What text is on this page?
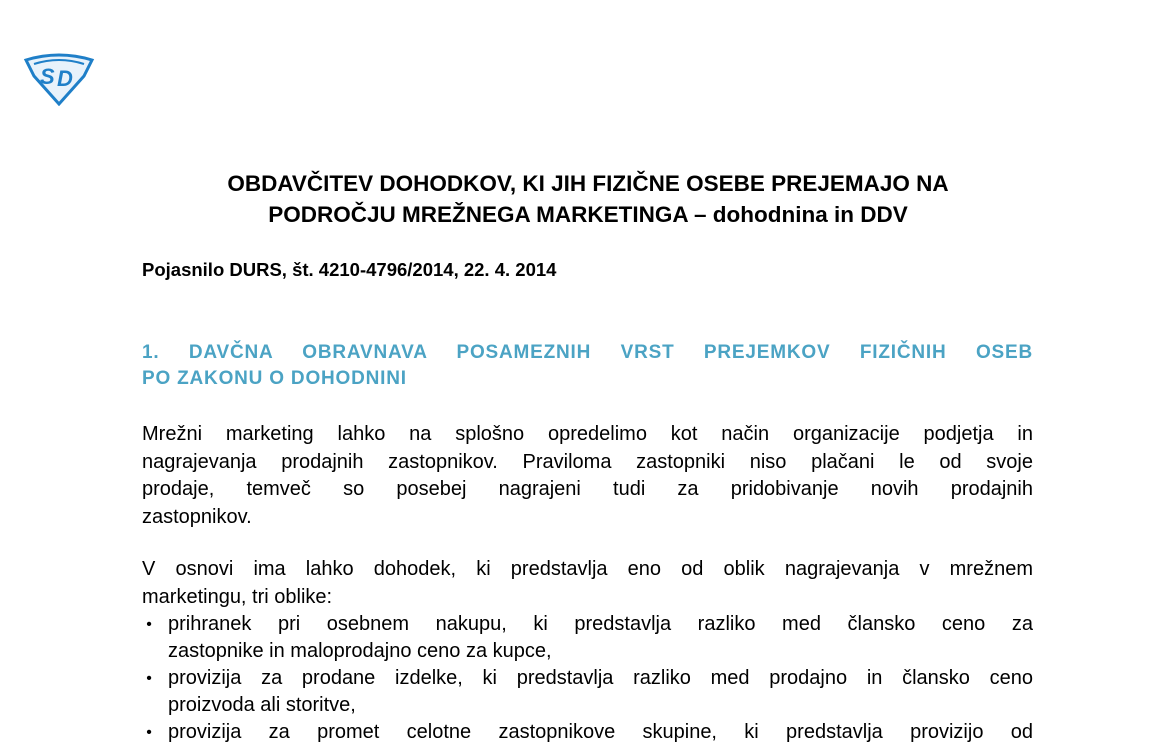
S D
OBDAVČITEV DOHODKOV, KI JIH FIZIČNE OSEBE PREJEMAJO NA
PODROČJU MREŽNEGA MARKETINGA – dohodnina in DDV

Pojasnilo DURS, št. 4210-4796/2014, 22. 4. 2014

1. DAVČNA OBRAVNAVA POSAMEZNIH VRST PREJEMKOV FIZIČNIH OSEB
PO ZAKONU O DOHODNINI
Mrežni marketing lahko na splošno opredelimo kot način organizacije podjetja in
nagrajevanja prodajnih zastopnikov. Praviloma zastopniki niso plačani le od svoje
prodaje, temveč so posebej nagrajeni tudi za pridobivanje novih prodajnih
zastopnikov.
V osnovi ima lahko dohodek, ki predstavlja eno od oblik nagrajevanja v mrežnem
marketingu, tri oblike:
• prihranek pri osebnem nakupu, ki predstavlja razliko med člansko ceno za
zastopnike in maloprodajno ceno za kupce,
• provizija za prodane izdelke, ki predstavlja razliko med prodajno in člansko ceno
proizvoda ali storitve,
• provizija za promet celotne zastopnikove skupine, ki predstavlja provizijo od
